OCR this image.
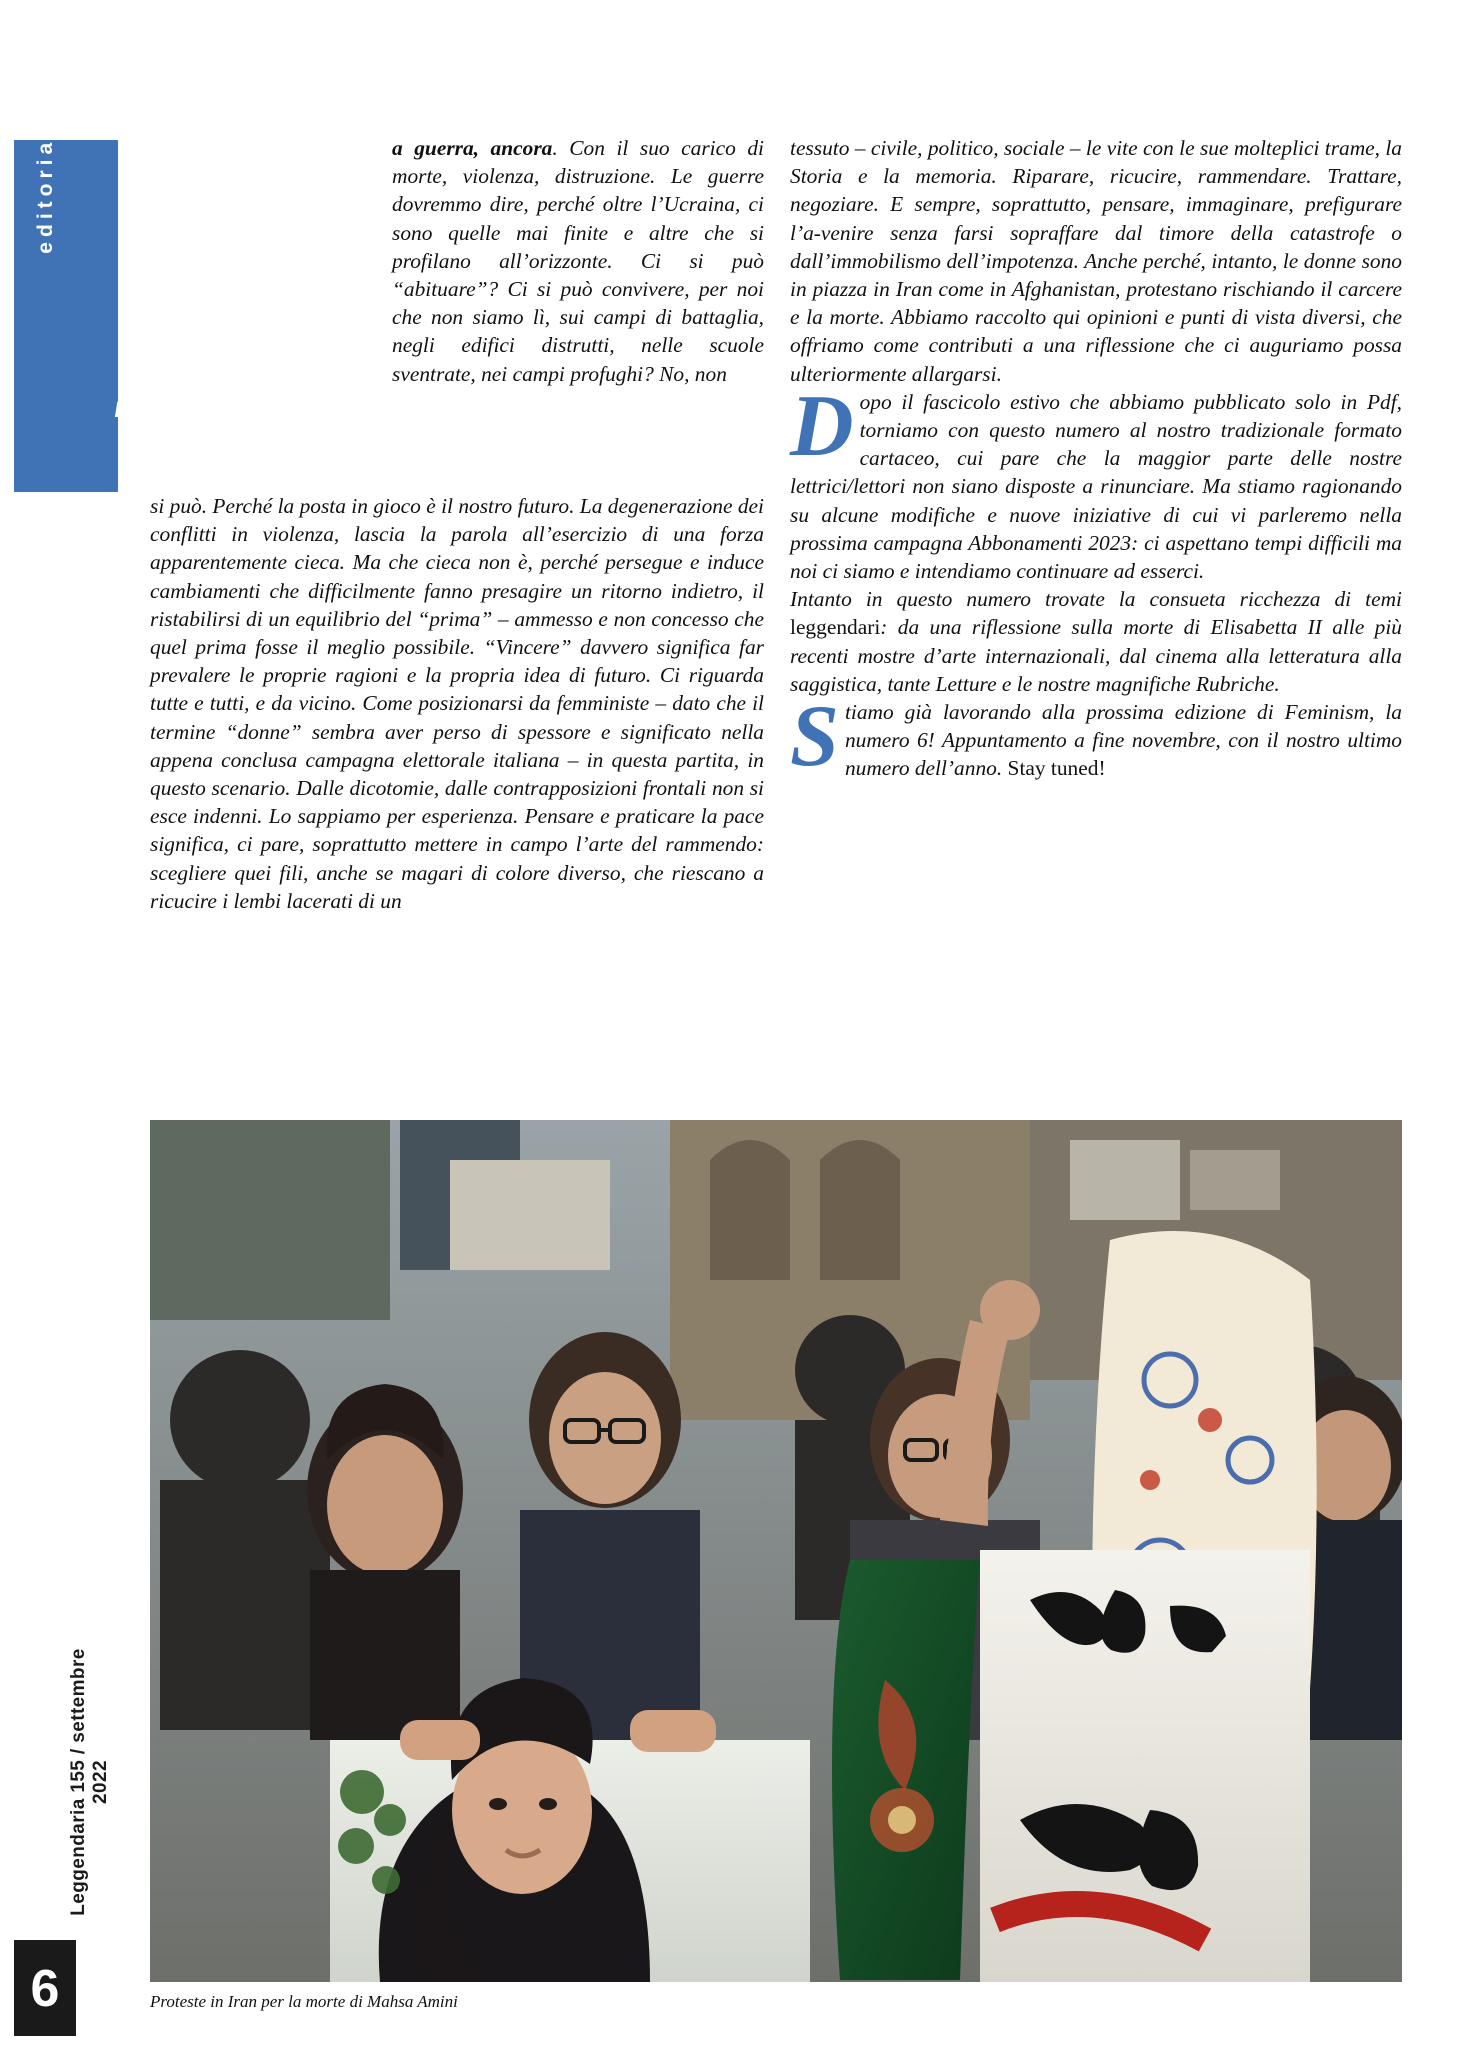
editoriale
Leggendaria 155 / settembre 2022
6
L a guerra, ancora. Con il suo carico di morte, violenza, distruzione. Le guerre dovremmo dire, perché oltre l’Ucraina, ci sono quelle mai finite e altre che si profilano all’orizzonte. Ci si può “abituare”? Ci si può convivere, per noi che non siamo lì, sui campi di battaglia, negli edifici distrutti, nelle scuole sventrate, nei campi profughi? No, non

si può. Perché la posta in gioco è il nostro futuro. La degenerazione dei conflitti in violenza, lascia la parola all’esercizio di una forza apparentemente cieca. Ma che cieca non è, perché persegue e induce cambiamenti che difficilmente fanno presagire un ritorno indietro, il ristabilirsi di un equilibrio del “prima” – ammesso e non concesso che quel prima fosse il meglio possibile. “Vincere” davvero significa far prevalere le proprie ragioni e la propria idea di futuro. Ci riguarda tutte e tutti, e da vicino. Come posizionarsi da femministe – dato che il termine “donne” sembra aver perso di spessore e significato nella appena conclusa campagna elettorale italiana – in questa partita, in questo scenario. Dalle dicotomie, dalle contrapposizioni frontali non si esce indenni. Lo sappiamo per esperienza. Pensare e praticare la pace significa, ci pare, soprattutto mettere in campo l’arte del rammendo: scegliere quei fili, anche se magari di colore diverso, che riescano a ricucire i lembi lacerati di un

tessuto – civile, politico, sociale – le vite con le sue molteplici trame, la Storia e la memoria. Riparare, ricucire, rammendare. Trattare, negoziare. E sempre, soprattutto, pensare, immaginare, prefigurare l’a-venire senza farsi sopraffare dal timore della catastrofe o dall’immobilismo dell’impotenza. Anche perché, intanto, le donne sono in piazza in Iran come in Afghanistan, protestano rischiando il carcere e la morte. Abbiamo raccolto qui opinioni e punti di vista diversi, che offriamo come contributi a una riflessione che ci auguriamo possa ulteriormente allargarsi.

Dopo il fascicolo estivo che abbiamo pubblicato solo in Pdf, torniamo con questo numero al nostro tradizionale formato cartaceo, cui pare che la maggior parte delle nostre lettrici/lettori non siano disposte a rinunciare. Ma stiamo ragionando su alcune modifiche e nuove iniziative di cui vi parleremo nella prossima campagna Abbonamenti 2023: ci aspettano tempi difficili ma noi ci siamo e intendiamo continuare ad esserci.

Intanto in questo numero trovate la consueta ricchezza di temi leggendari: da una riflessione sulla morte di Elisabetta II alle più recenti mostre d’arte internazionali, dal cinema alla letteratura alla saggistica, tante Letture e le nostre magnifiche Rubriche.

Stiamo già lavorando alla prossima edizione di Feminism, la numero 6! Appuntamento a fine novembre, con il nostro ultimo numero dell’anno. Stay tuned!

Proteste in Iran per la morte di Mahsa Amini
